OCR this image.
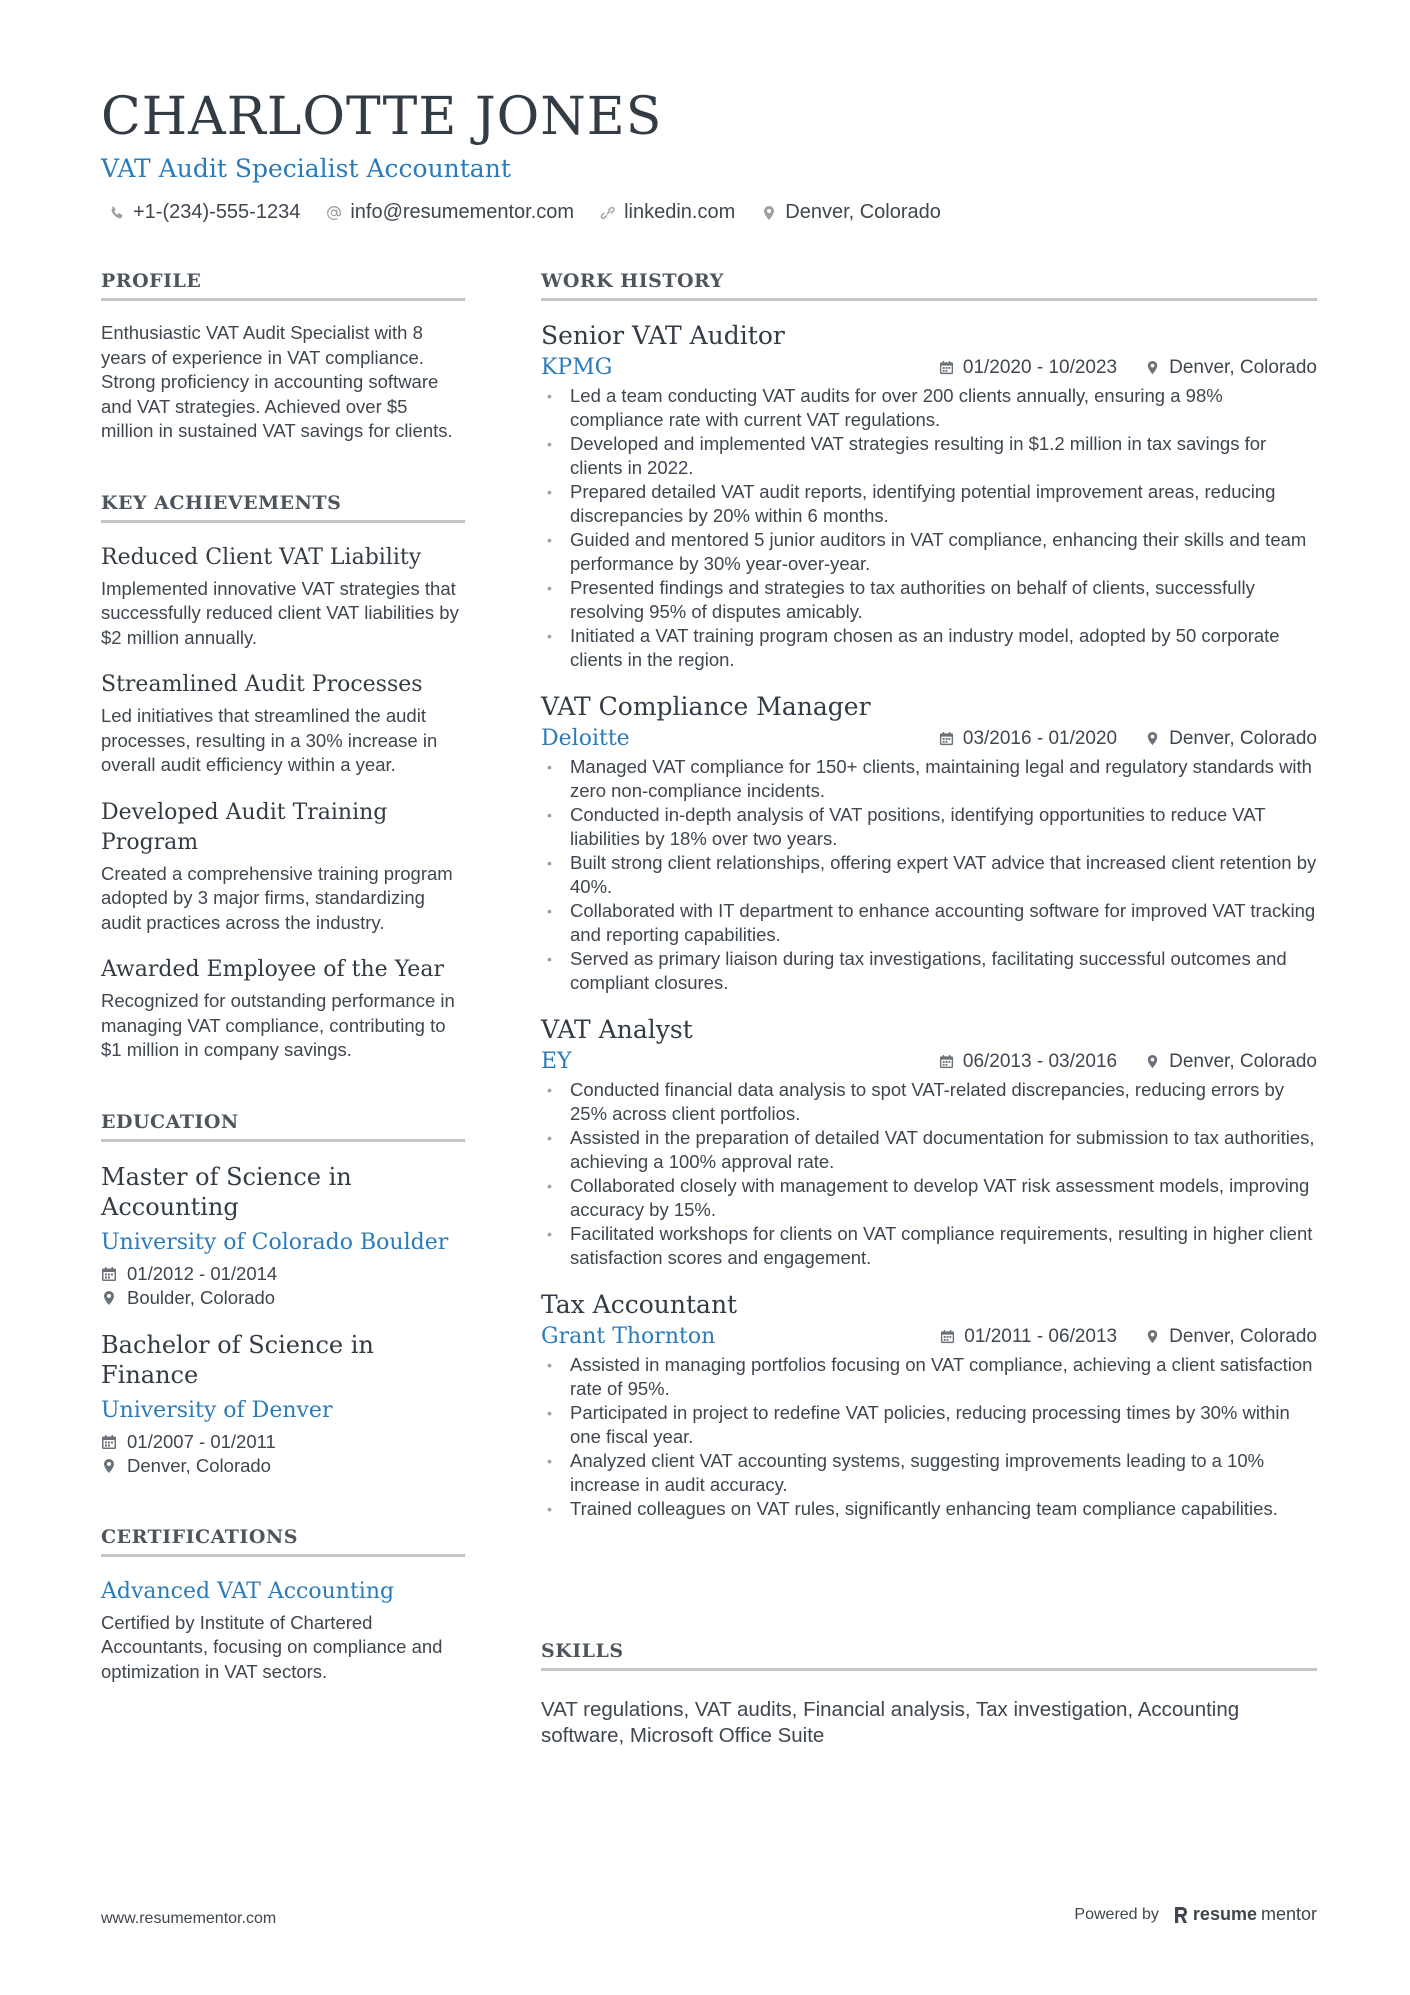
CHARLOTTE JONES
VAT Audit Specialist Accountant
+1-(234)-555-1234	info@resumementor.com	linkedin.com	Denver, Colorado
PROFILE
Enthusiastic VAT Audit Specialist with 8 years of experience in VAT compliance. Strong proficiency in accounting software and VAT strategies. Achieved over $5 million in sustained VAT savings for clients.
KEY ACHIEVEMENTS
Reduced Client VAT Liability
Implemented innovative VAT strategies that successfully reduced client VAT liabilities by $2 million annually.
Streamlined Audit Processes
Led initiatives that streamlined the audit processes, resulting in a 30% increase in overall audit efficiency within a year.
Developed Audit Training Program
Created a comprehensive training program adopted by 3 major firms, standardizing audit practices across the industry.
Awarded Employee of the Year
Recognized for outstanding performance in managing VAT compliance, contributing to $1 million in company savings.
EDUCATION
Master of Science in Accounting
University of Colorado Boulder
01/2012 - 01/2014
Boulder, Colorado
Bachelor of Science in Finance
University of Denver
01/2007 - 01/2011
Denver, Colorado
CERTIFICATIONS
Advanced VAT Accounting
Certified by Institute of Chartered Accountants, focusing on compliance and optimization in VAT sectors.
WORK HISTORY
Senior VAT Auditor
KPMG	01/2020 - 10/2023	Denver, Colorado
• Led a team conducting VAT audits for over 200 clients annually, ensuring a 98% compliance rate with current VAT regulations.
• Developed and implemented VAT strategies resulting in $1.2 million in tax savings for clients in 2022.
• Prepared detailed VAT audit reports, identifying potential improvement areas, reducing discrepancies by 20% within 6 months.
• Guided and mentored 5 junior auditors in VAT compliance, enhancing their skills and team performance by 30% year-over-year.
• Presented findings and strategies to tax authorities on behalf of clients, successfully resolving 95% of disputes amicably.
• Initiated a VAT training program chosen as an industry model, adopted by 50 corporate clients in the region.
VAT Compliance Manager
Deloitte	03/2016 - 01/2020	Denver, Colorado
• Managed VAT compliance for 150+ clients, maintaining legal and regulatory standards with zero non-compliance incidents.
• Conducted in-depth analysis of VAT positions, identifying opportunities to reduce VAT liabilities by 18% over two years.
• Built strong client relationships, offering expert VAT advice that increased client retention by 40%.
• Collaborated with IT department to enhance accounting software for improved VAT tracking and reporting capabilities.
• Served as primary liaison during tax investigations, facilitating successful outcomes and compliant closures.
VAT Analyst
EY	06/2013 - 03/2016	Denver, Colorado
• Conducted financial data analysis to spot VAT-related discrepancies, reducing errors by 25% across client portfolios.
• Assisted in the preparation of detailed VAT documentation for submission to tax authorities, achieving a 100% approval rate.
• Collaborated closely with management to develop VAT risk assessment models, improving accuracy by 15%.
• Facilitated workshops for clients on VAT compliance requirements, resulting in higher client satisfaction scores and engagement.
Tax Accountant
Grant Thornton	01/2011 - 06/2013	Denver, Colorado
• Assisted in managing portfolios focusing on VAT compliance, achieving a client satisfaction rate of 95%.
• Participated in project to redefine VAT policies, reducing processing times by 30% within one fiscal year.
• Analyzed client VAT accounting systems, suggesting improvements leading to a 10% increase in audit accuracy.
• Trained colleagues on VAT rules, significantly enhancing team compliance capabilities.
SKILLS
VAT regulations, VAT audits, Financial analysis, Tax investigation, Accounting software, Microsoft Office Suite
www.resumementor.com	Powered by resume mentor
